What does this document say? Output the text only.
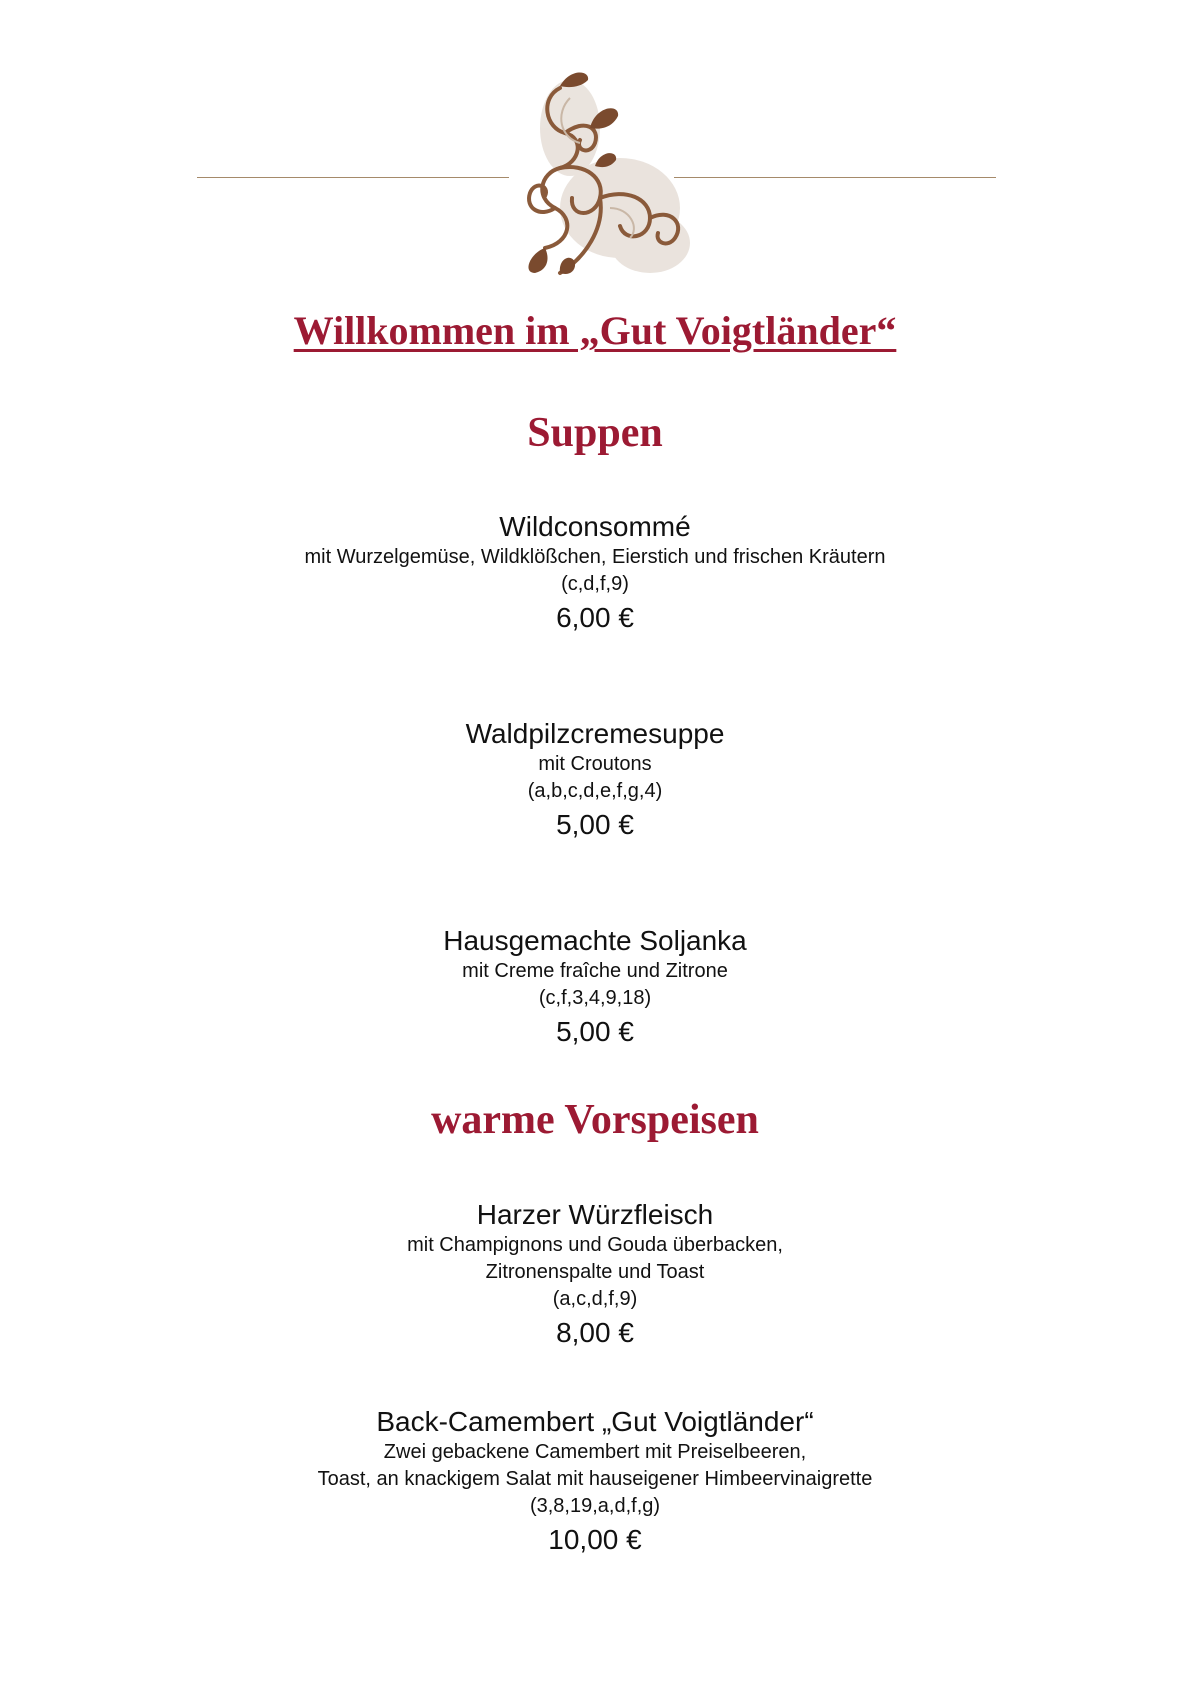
Willkommen im „Gut Voigtländer“
Suppen
Wildconsommé
mit Wurzelgemüse, Wildklößchen, Eierstich und frischen Kräutern
(c,d,f,9)
6,00 €
Waldpilzcremesuppe
mit Croutons
(a,b,c,d,e,f,g,4)
5,00 €
Hausgemachte Soljanka
mit Creme fraîche und Zitrone
(c,f,3,4,9,18)
5,00 €
warme Vorspeisen
Harzer Würzfleisch
mit Champignons und Gouda überbacken,
Zitronenspalte und Toast
(a,c,d,f,9)
8,00 €
Back-Camembert „Gut Voigtländer“
Zwei gebackene Camembert mit Preiselbeeren,
Toast, an knackigem Salat mit hauseigener Himbeervinaigrette
(3,8,19,a,d,f,g)
10,00 €
